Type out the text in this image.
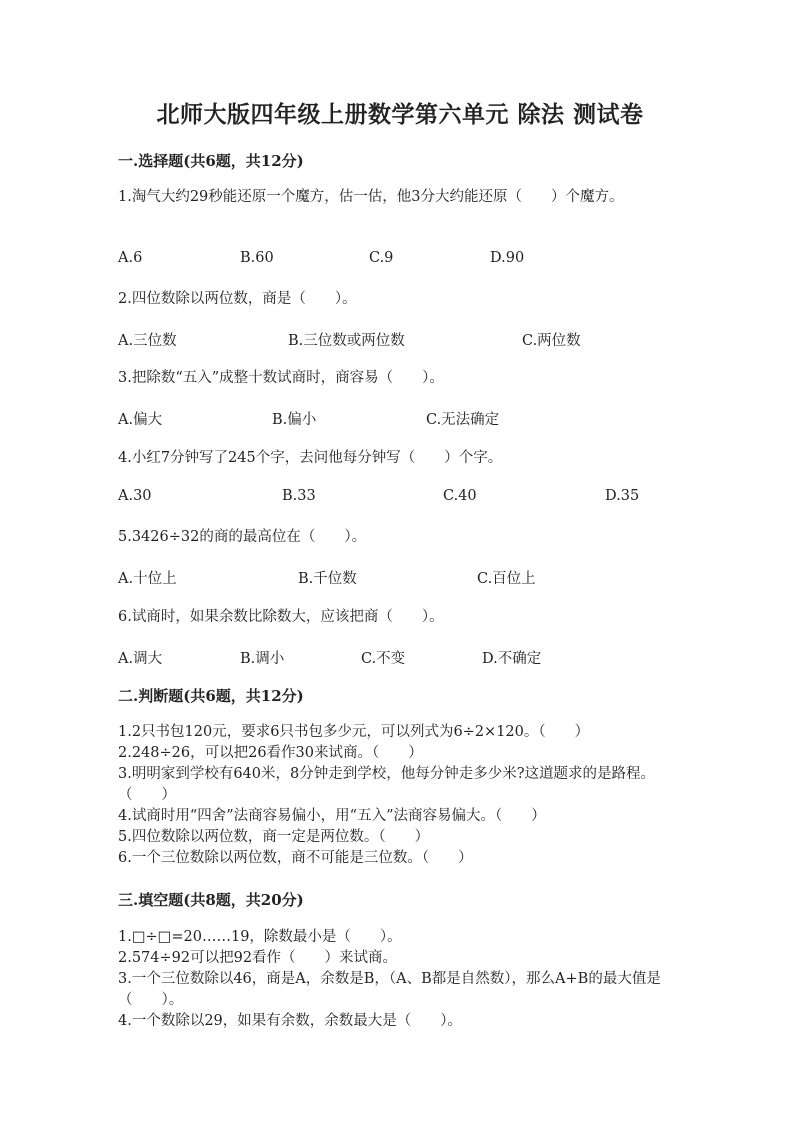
北师大版四年级上册数学第六单元 除法 测试卷
一.选择题(共6题，共12分)
1.淘气大约29秒能还原一个魔方，估一估，他3分大约能还原（　　）个魔方。
A.6	B.60	C.9	D.90
2.四位数除以两位数，商是（　　）。
A.三位数	B.三位数或两位数	C.两位数
3.把除数“五入”成整十数试商时，商容易（　　）。
A.偏大	B.偏小	C.无法确定
4.小红7分钟写了245个字，去问他每分钟写（　　）个字。
A.30	B.33	C.40	D.35
5.3426÷32的商的最高位在（　　）。
A.十位上	B.千位数	C.百位上
6.试商时，如果余数比除数大，应该把商（　　）。
A.调大	B.调小	C.不变	D.不确定
二.判断题(共6题，共12分)
1.2只书包120元，要求6只书包多少元，可以列式为6÷2×120。（　　）
2.248÷26，可以把26看作30来试商。（　　）
3.明明家到学校有640米，8分钟走到学校，他每分钟走多少米?这道题求的是路程。（　　）
4.试商时用“四舍”法商容易偏小，用“五入”法商容易偏大。（　　）
5.四位数除以两位数，商一定是两位数。（　　）
6.一个三位数除以两位数，商不可能是三位数。（　　）
三.填空题(共8题，共20分)
1.□÷□=20……19，除数最小是（　　）。
2.574÷92可以把92看作（　　）来试商。
3.一个三位数除以46，商是A，余数是B，（A、B都是自然数），那么A+B的最大值是（　　）。
4.一个数除以29，如果有余数，余数最大是（　　）。
